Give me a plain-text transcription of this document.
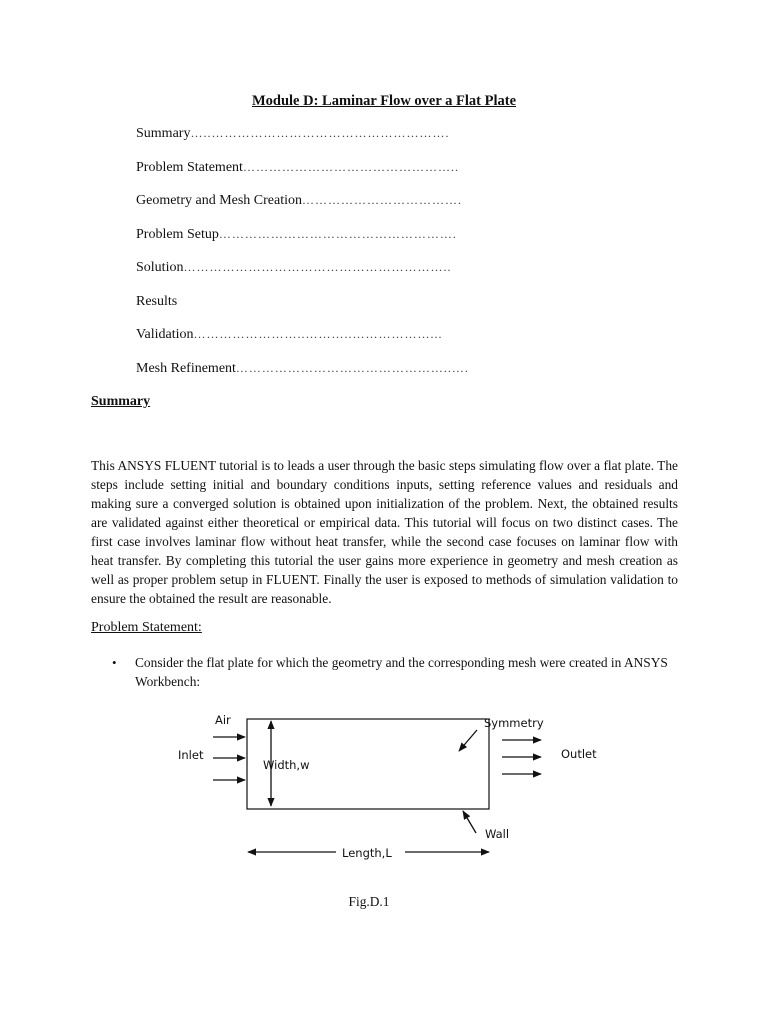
Module D: Laminar Flow over a Flat Plate
Summary …..……………………………………………….
Problem Statement …………………………………………..
Geometry and Mesh Creation ……………………………….
Problem Setup ……………………………………………….
Solution ……………………………………………………..
Results
Validation ……………………..………..………………...
Mesh Refinement …………………………………………..….
Summary

This ANSYS FLUENT tutorial is to leads a user through the basic steps simulating flow over a flat plate. The steps include setting initial and boundary conditions inputs, setting reference values and residuals and making sure a converged solution is obtained upon initialization of the problem. Next, the obtained results are validated against either theoretical or empirical data. This tutorial will focus on two distinct cases. The first case involves laminar flow without heat transfer, while the second case focuses on laminar flow with heat transfer. By completing this tutorial the user gains more experience in geometry and mesh creation as well as proper problem setup in FLUENT. Finally the user is exposed to methods of simulation validation to ensure the obtained the result are reasonable.

Problem Statement:
• Consider the flat plate for which the geometry and the corresponding mesh were created in ANSYS Workbench:
Air
Inlet
Width,w
Symmetry
Outlet
Wall
Length,L
Fig.D.1
